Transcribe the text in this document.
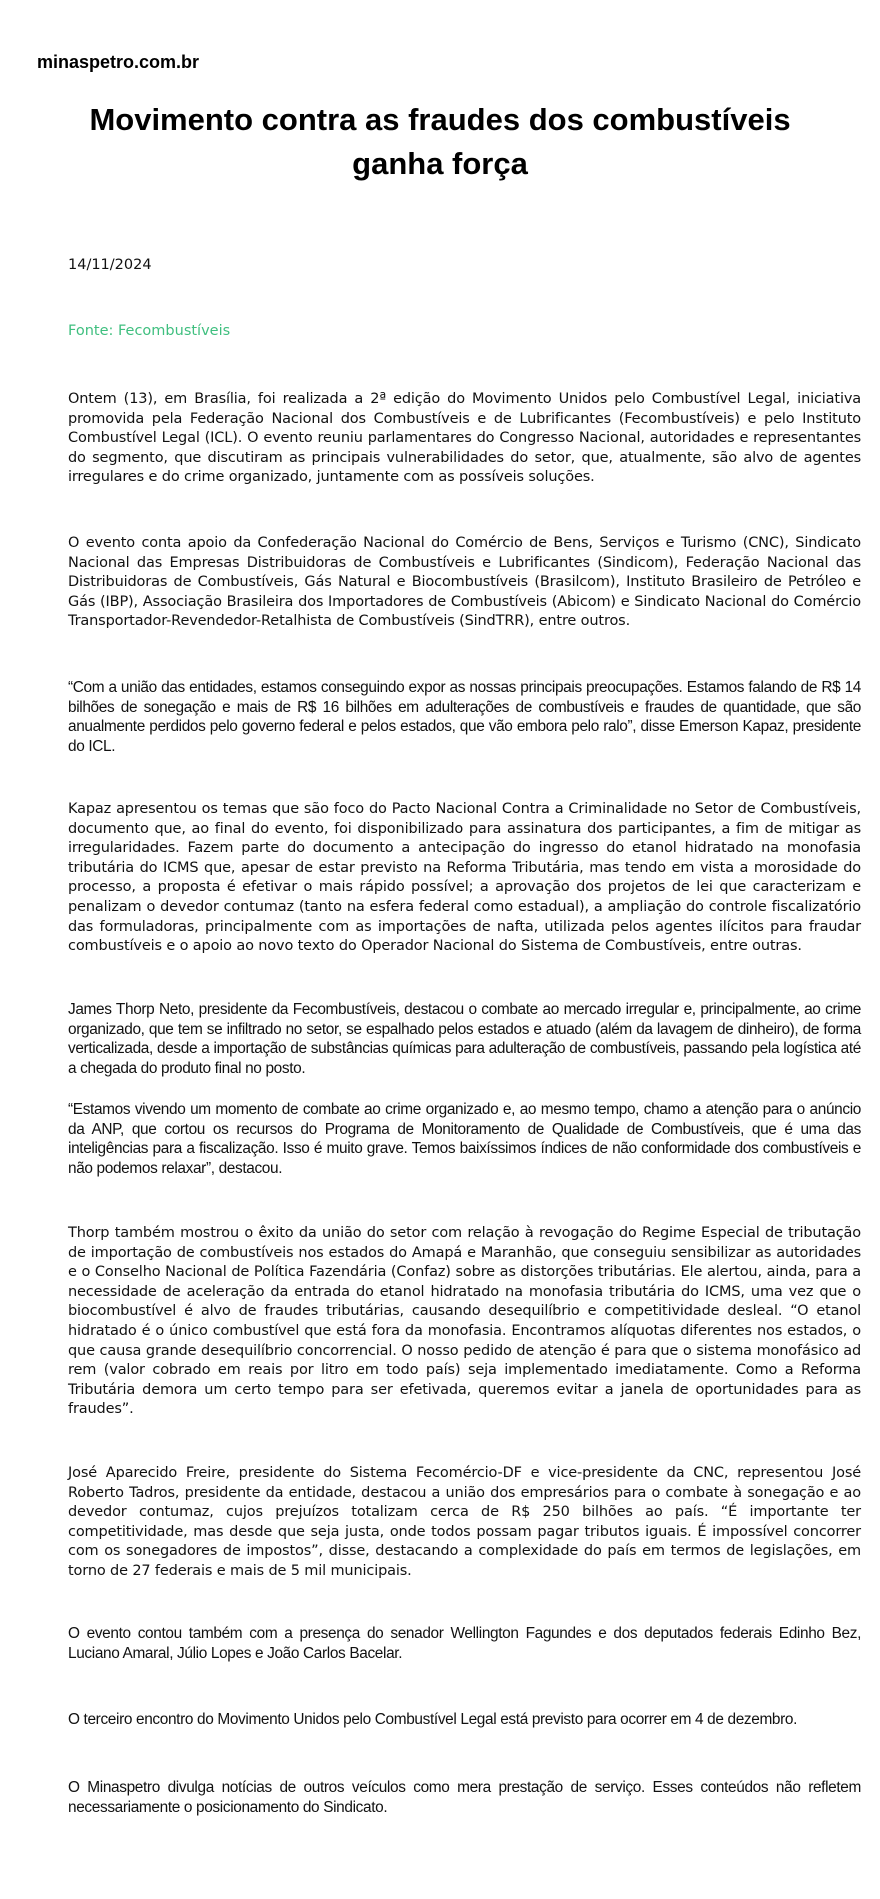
minaspetro.com.br
Movimento contra as fraudes dos combustíveis ganha força
14/11/2024
Fonte: Fecombustíveis

Ontem (13), em Brasília, foi realizada a 2ª edição do Movimento Unidos pelo Combustível Legal, iniciativa promovida pela Federação Nacional dos Combustíveis e de Lubrificantes (Fecombustíveis) e pelo Instituto Combustível Legal (ICL). O evento reuniu parlamentares do Congresso Nacional, autoridades e representantes do segmento, que discutiram as principais vulnerabilidades do setor, que, atualmente, são alvo de agentes irregulares e do crime organizado, juntamente com as possíveis soluções.

O evento conta apoio da Confederação Nacional do Comércio de Bens, Serviços e Turismo (CNC), Sindicato Nacional das Empresas Distribuidoras de Combustíveis e Lubrificantes (Sindicom), Federação Nacional das Distribuidoras de Combustíveis, Gás Natural e Biocombustíveis (Brasilcom), Instituto Brasileiro de Petróleo e Gás (IBP), Associação Brasileira dos Importadores de Combustíveis (Abicom) e Sindicato Nacional do Comércio Transportador-Revendedor-Retalhista de Combustíveis (SindTRR), entre outros.

“Com a união das entidades, estamos conseguindo expor as nossas principais preocupações. Estamos falando de R$ 14 bilhões de sonegação e mais de R$ 16 bilhões em adulterações de combustíveis e fraudes de quantidade, que são anualmente perdidos pelo governo federal e pelos estados, que vão embora pelo ralo”, disse Emerson Kapaz, presidente do ICL.

Kapaz apresentou os temas que são foco do Pacto Nacional Contra a Criminalidade no Setor de Combustíveis, documento que, ao final do evento, foi disponibilizado para assinatura dos participantes, a fim de mitigar as irregularidades. Fazem parte do documento a antecipação do ingresso do etanol hidratado na monofasia tributária do ICMS que, apesar de estar previsto na Reforma Tributária, mas tendo em vista a morosidade do processo, a proposta é efetivar o mais rápido possível; a aprovação dos projetos de lei que caracterizam e penalizam o devedor contumaz (tanto na esfera federal como estadual), a ampliação do controle fiscalizatório das formuladoras, principalmente com as importações de nafta, utilizada pelos agentes ilícitos para fraudar combustíveis e o apoio ao novo texto do Operador Nacional do Sistema de Combustíveis, entre outras.

James Thorp Neto, presidente da Fecombustíveis, destacou o combate ao mercado irregular e, principalmente, ao crime organizado, que tem se infiltrado no setor, se espalhado pelos estados e atuado (além da lavagem de dinheiro), de forma verticalizada, desde a importação de substâncias químicas para adulteração de combustíveis, passando pela logística até a chegada do produto final no posto.

“Estamos vivendo um momento de combate ao crime organizado e, ao mesmo tempo, chamo a atenção para o anúncio da ANP, que cortou os recursos do Programa de Monitoramento de Qualidade de Combustíveis, que é uma das inteligências para a fiscalização. Isso é muito grave. Temos baixíssimos índices de não conformidade dos combustíveis e não podemos relaxar”, destacou.

Thorp também mostrou o êxito da união do setor com relação à revogação do Regime Especial de tributação de importação de combustíveis nos estados do Amapá e Maranhão, que conseguiu sensibilizar as autoridades e o Conselho Nacional de Política Fazendária (Confaz) sobre as distorções tributárias. Ele alertou, ainda, para a necessidade de aceleração da entrada do etanol hidratado na monofasia tributária do ICMS, uma vez que o biocombustível é alvo de fraudes tributárias, causando desequilíbrio e competitividade desleal. “O etanol hidratado é o único combustível que está fora da monofasia. Encontramos alíquotas diferentes nos estados, o que causa grande desequilíbrio concorrencial. O nosso pedido de atenção é para que o sistema monofásico ad rem (valor cobrado em reais por litro em todo país) seja implementado imediatamente. Como a Reforma Tributária demora um certo tempo para ser efetivada, queremos evitar a janela de oportunidades para as fraudes”.

José Aparecido Freire, presidente do Sistema Fecomércio-DF e vice-presidente da CNC, representou José Roberto Tadros, presidente da entidade, destacou a união dos empresários para o combate à sonegação e ao devedor contumaz, cujos prejuízos totalizam cerca de R$ 250 bilhões ao país. “É importante ter competitividade, mas desde que seja justa, onde todos possam pagar tributos iguais. É impossível concorrer com os sonegadores de impostos”, disse, destacando a complexidade do país em termos de legislações, em torno de 27 federais e mais de 5 mil municipais.

O evento contou também com a presença do senador Wellington Fagundes e dos deputados federais Edinho Bez, Luciano Amaral, Júlio Lopes e João Carlos Bacelar.

O terceiro encontro do Movimento Unidos pelo Combustível Legal está previsto para ocorrer em 4 de dezembro.

O Minaspetro divulga notícias de outros veículos como mera prestação de serviço. Esses conteúdos não refletem necessariamente o posicionamento do Sindicato.
